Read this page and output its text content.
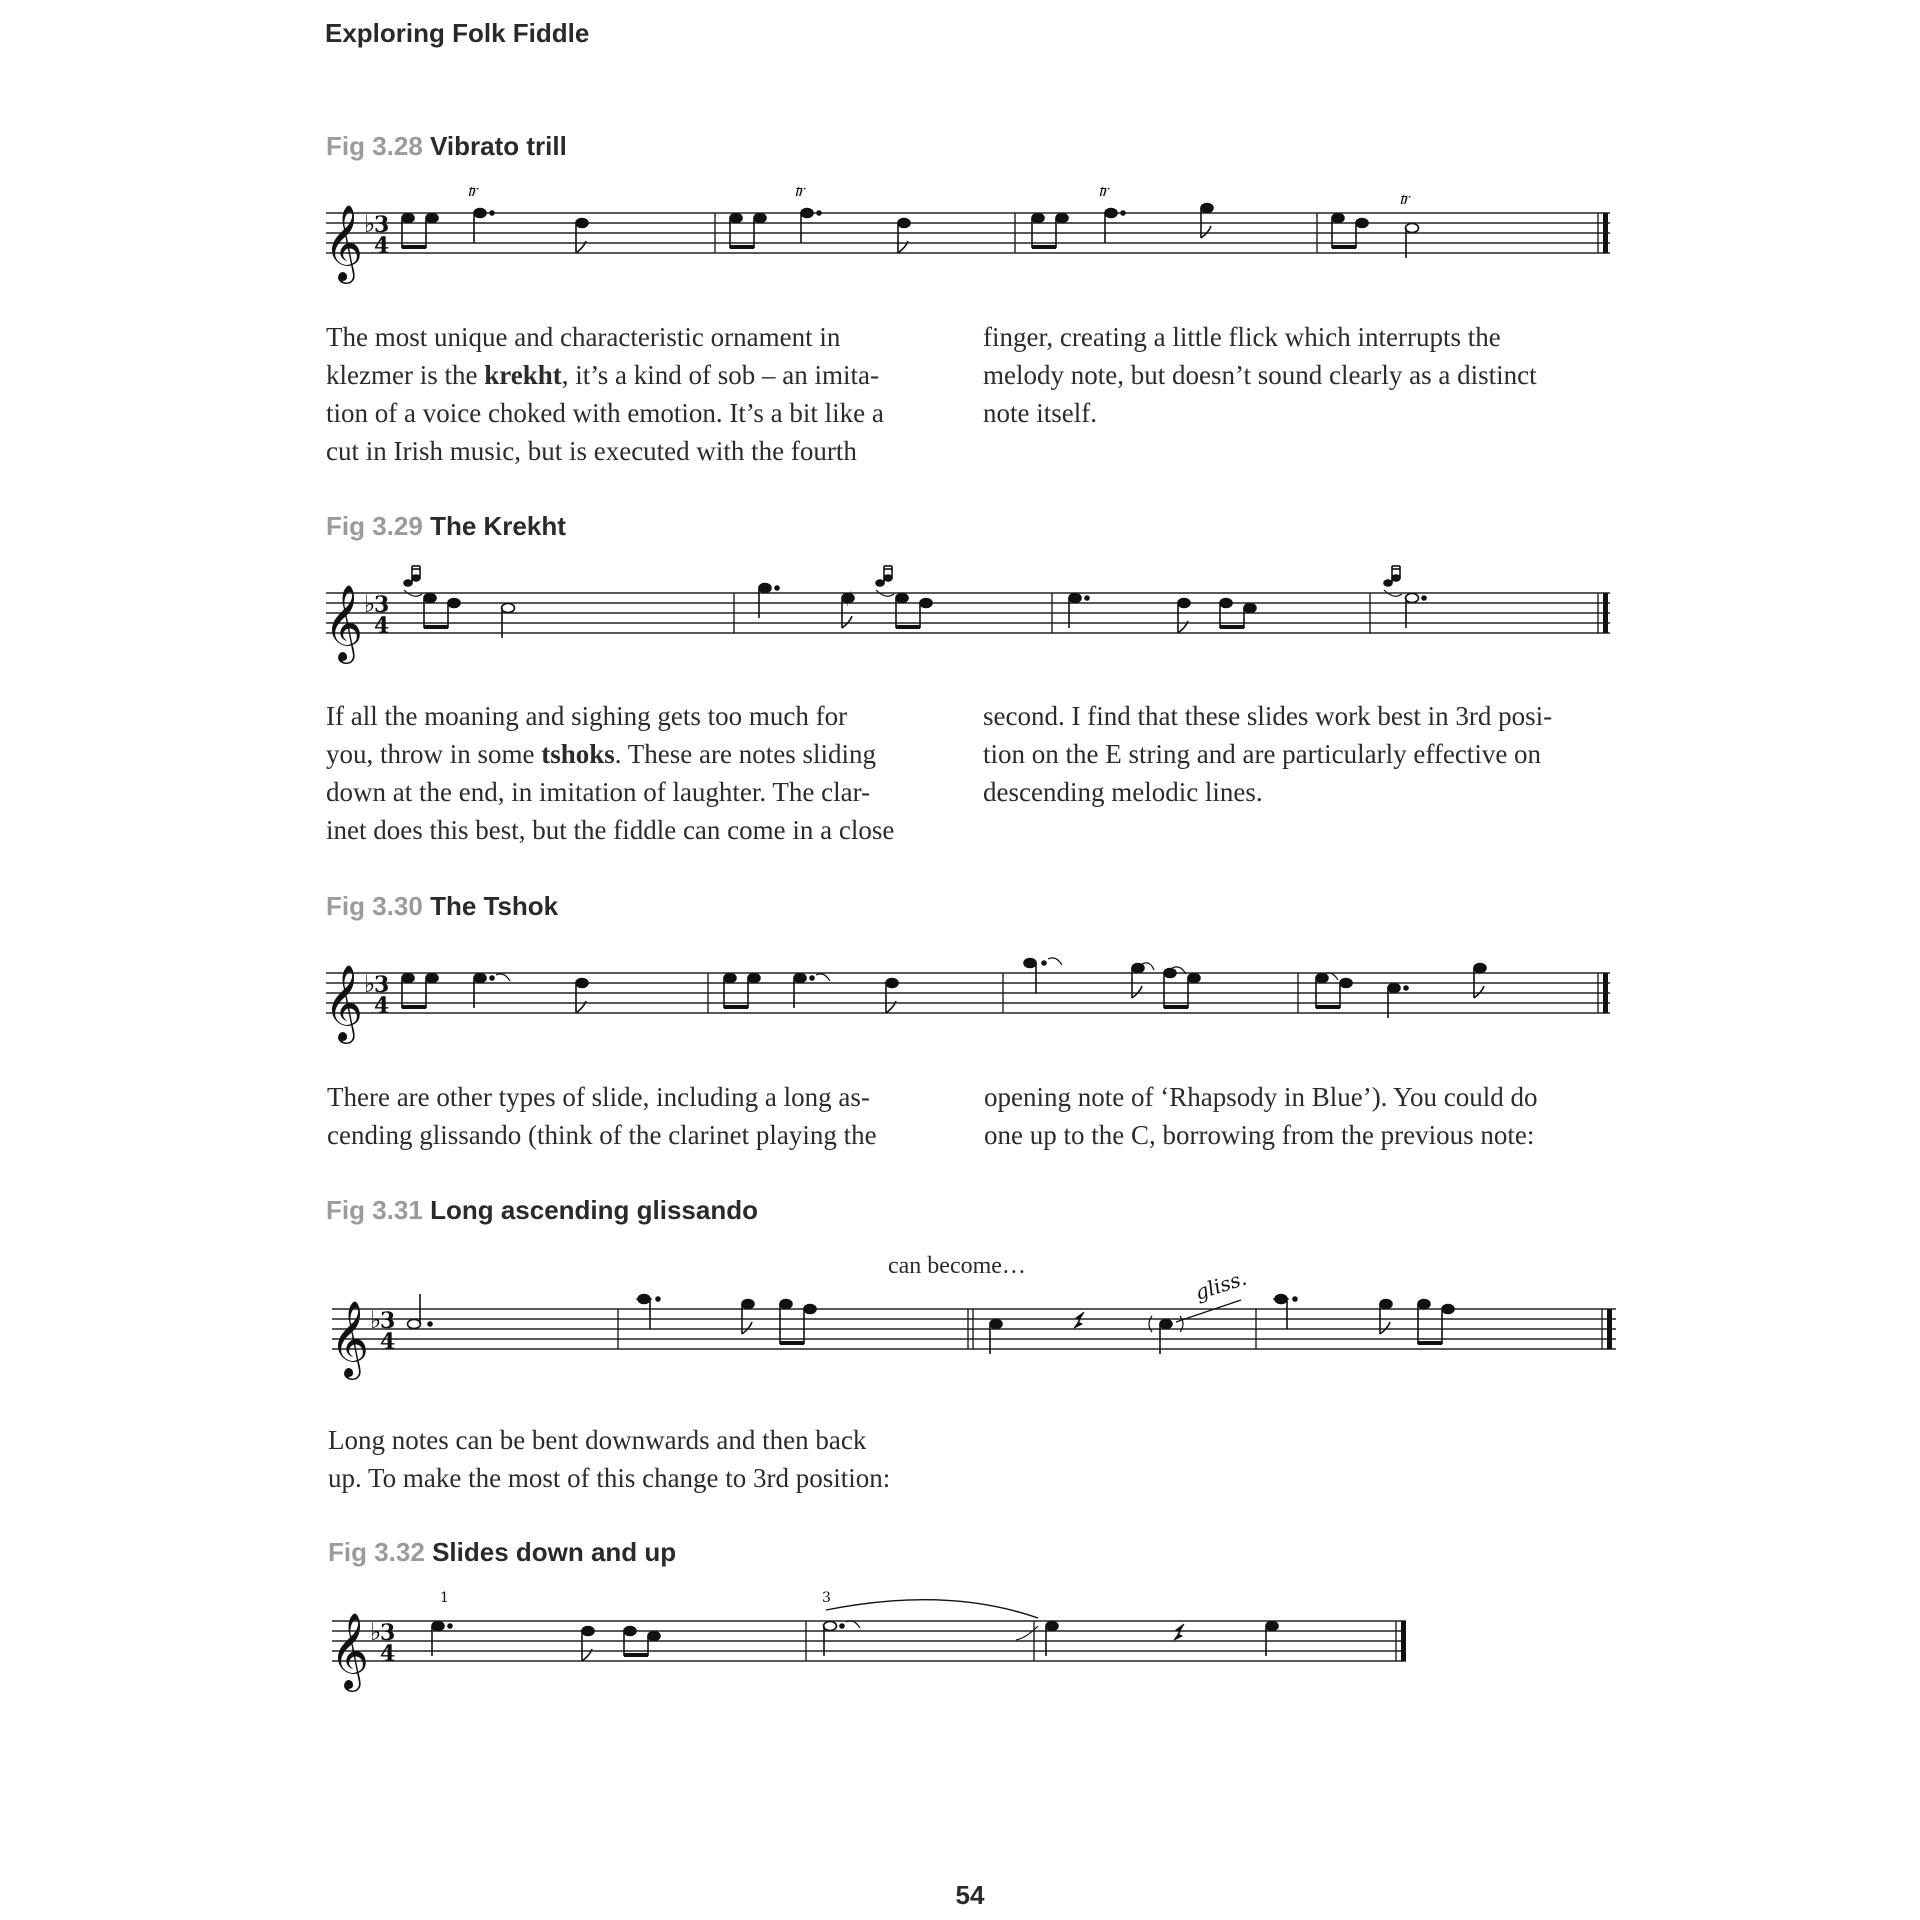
Exploring Folk Fiddle
Fig 3.28 Vibrato trill
𝄞 ♭
3
4
𝆖	𝆖	𝆖	𝆖
The most unique and characteristic ornament in
klezmer is the krekht, it’s a kind of sob – an imita-
tion of a voice choked with emotion. It’s a bit like a
cut in Irish music, but is executed with the fourth
finger, creating a little flick which interrupts the
melody note, but doesn’t sound clearly as a distinct
note itself.
Fig 3.29 The Krekht
𝄞 ♭
3
4
♯
If all the moaning and sighing gets too much for
you, throw in some tshoks. These are notes sliding
down at the end, in imitation of laughter. The clar-
inet does this best, but the fiddle can come in a close
second. I find that these slides work best in 3rd posi-
tion on the E string and are particularly effective on
descending melodic lines.
Fig 3.30 The Tshok
𝄞 ♭
3
4
There are other types of slide, including a long as-
cending glissando (think of the clarinet playing the
opening note of ‘Rhapsody in Blue’). You could do
one up to the C, borrowing from the previous note:
Fig 3.31 Long ascending glissando
can become…
𝄞 ♭
3
4
gliss.
Long notes can be bent downwards and then back
up. To make the most of this change to 3rd position:
Fig 3.32 Slides down and up
𝄞 ♭
3
4
1	3
54
